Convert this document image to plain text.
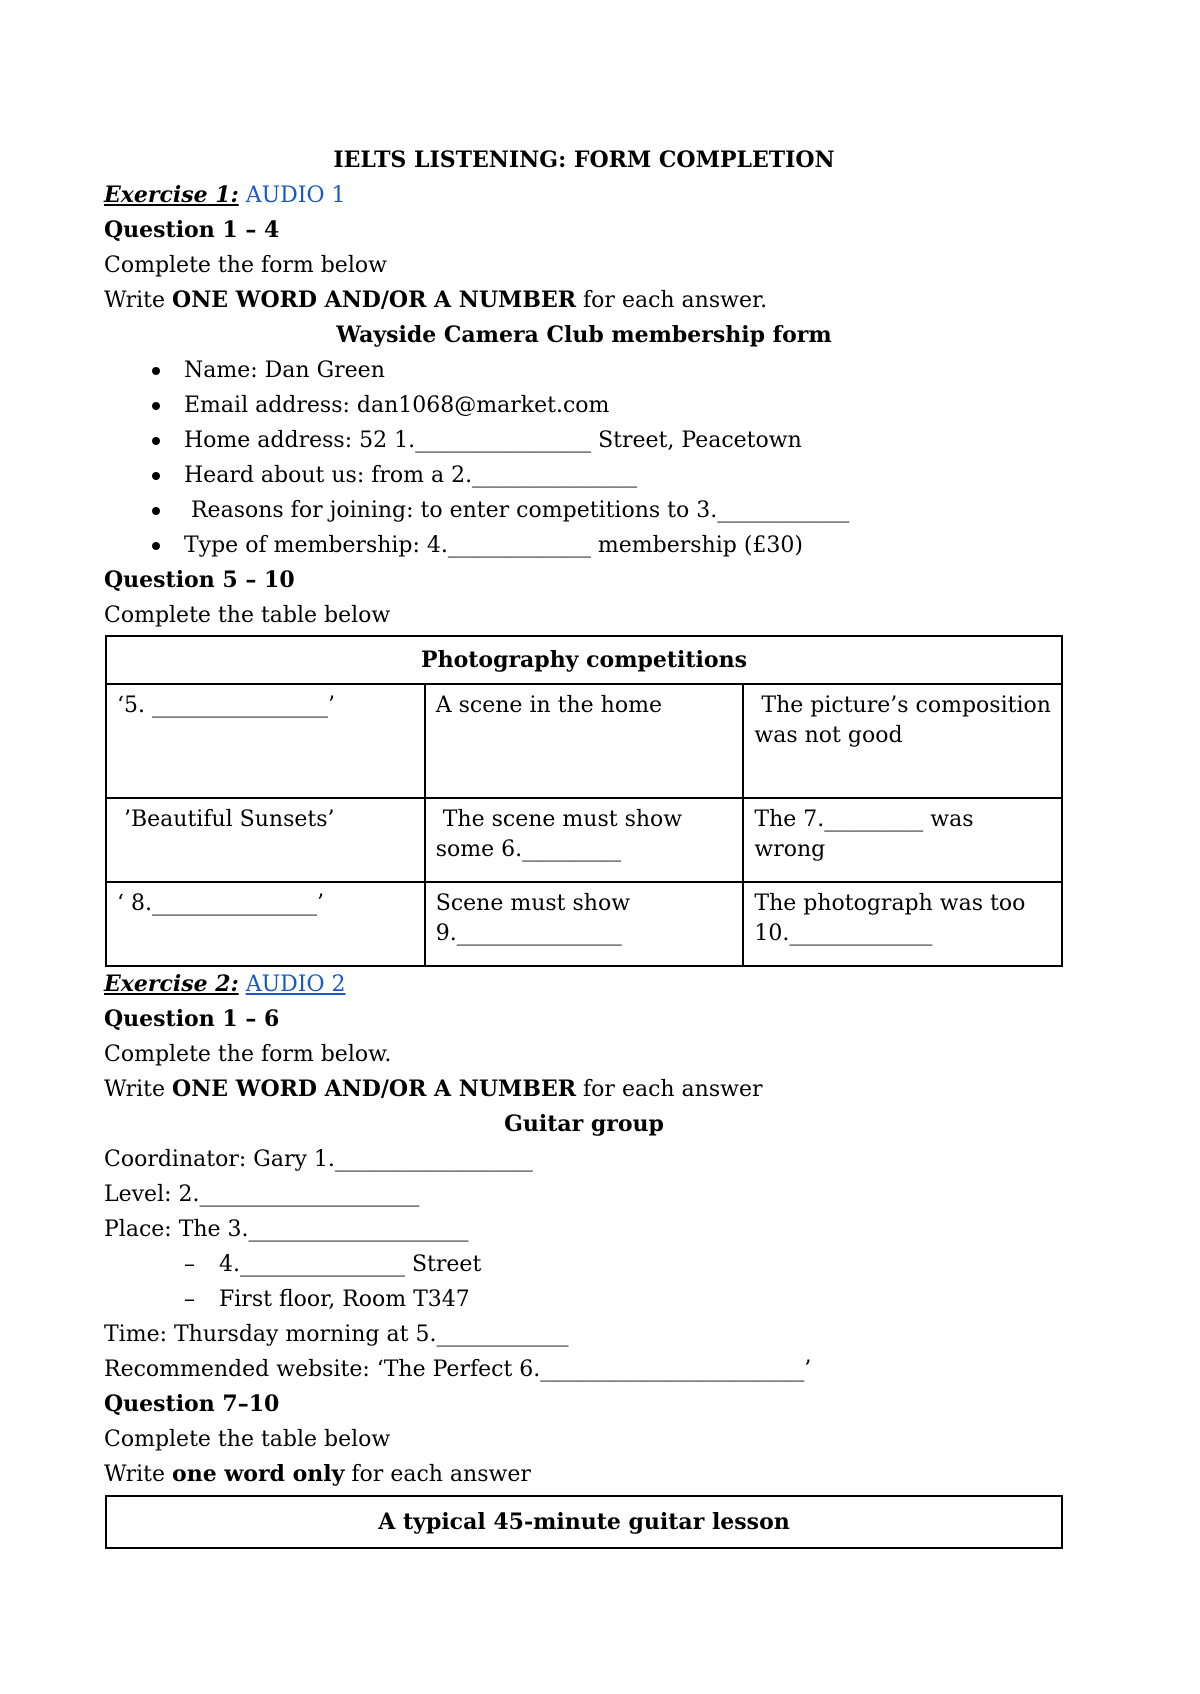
IELTS LISTENING: FORM COMPLETION
Exercise 1: AUDIO 1
Question 1 – 4
Complete the form below
Write ONE WORD AND/OR A NUMBER for each answer.
Wayside Camera Club membership form
Name: Dan Green
Email address: dan1068@market.com
Home address: 52 1.________________ Street, Peacetown
Heard about us: from a 2._______________
Reasons for joining: to enter competitions to 3.____________
Type of membership: 4._____________ membership (£30)
Question 5 – 10
Complete the table below
Photography competitions		
‘5. ________________’	A scene in the home	The picture’s composition was not good
’Beautiful Sunsets’	The scene must show some 6._________	The 7._________ was wrong
‘ 8._______________’	Scene must show 9._______________	The photograph was too 10._____________
Exercise 2: AUDIO 2
Question 1 – 6
Complete the form below.
Write ONE WORD AND/OR A NUMBER for each answer
Guitar group
Coordinator: Gary 1.__________________
Level: 2.____________________
Place: The 3.____________________
– 4._______________ Street
– First floor, Room T347
Time: Thursday morning at 5.____________
Recommended website: ‘The Perfect 6.________________________’
Question 7–10
Complete the table below
Write one word only for each answer
A typical 45-minute guitar lesson
